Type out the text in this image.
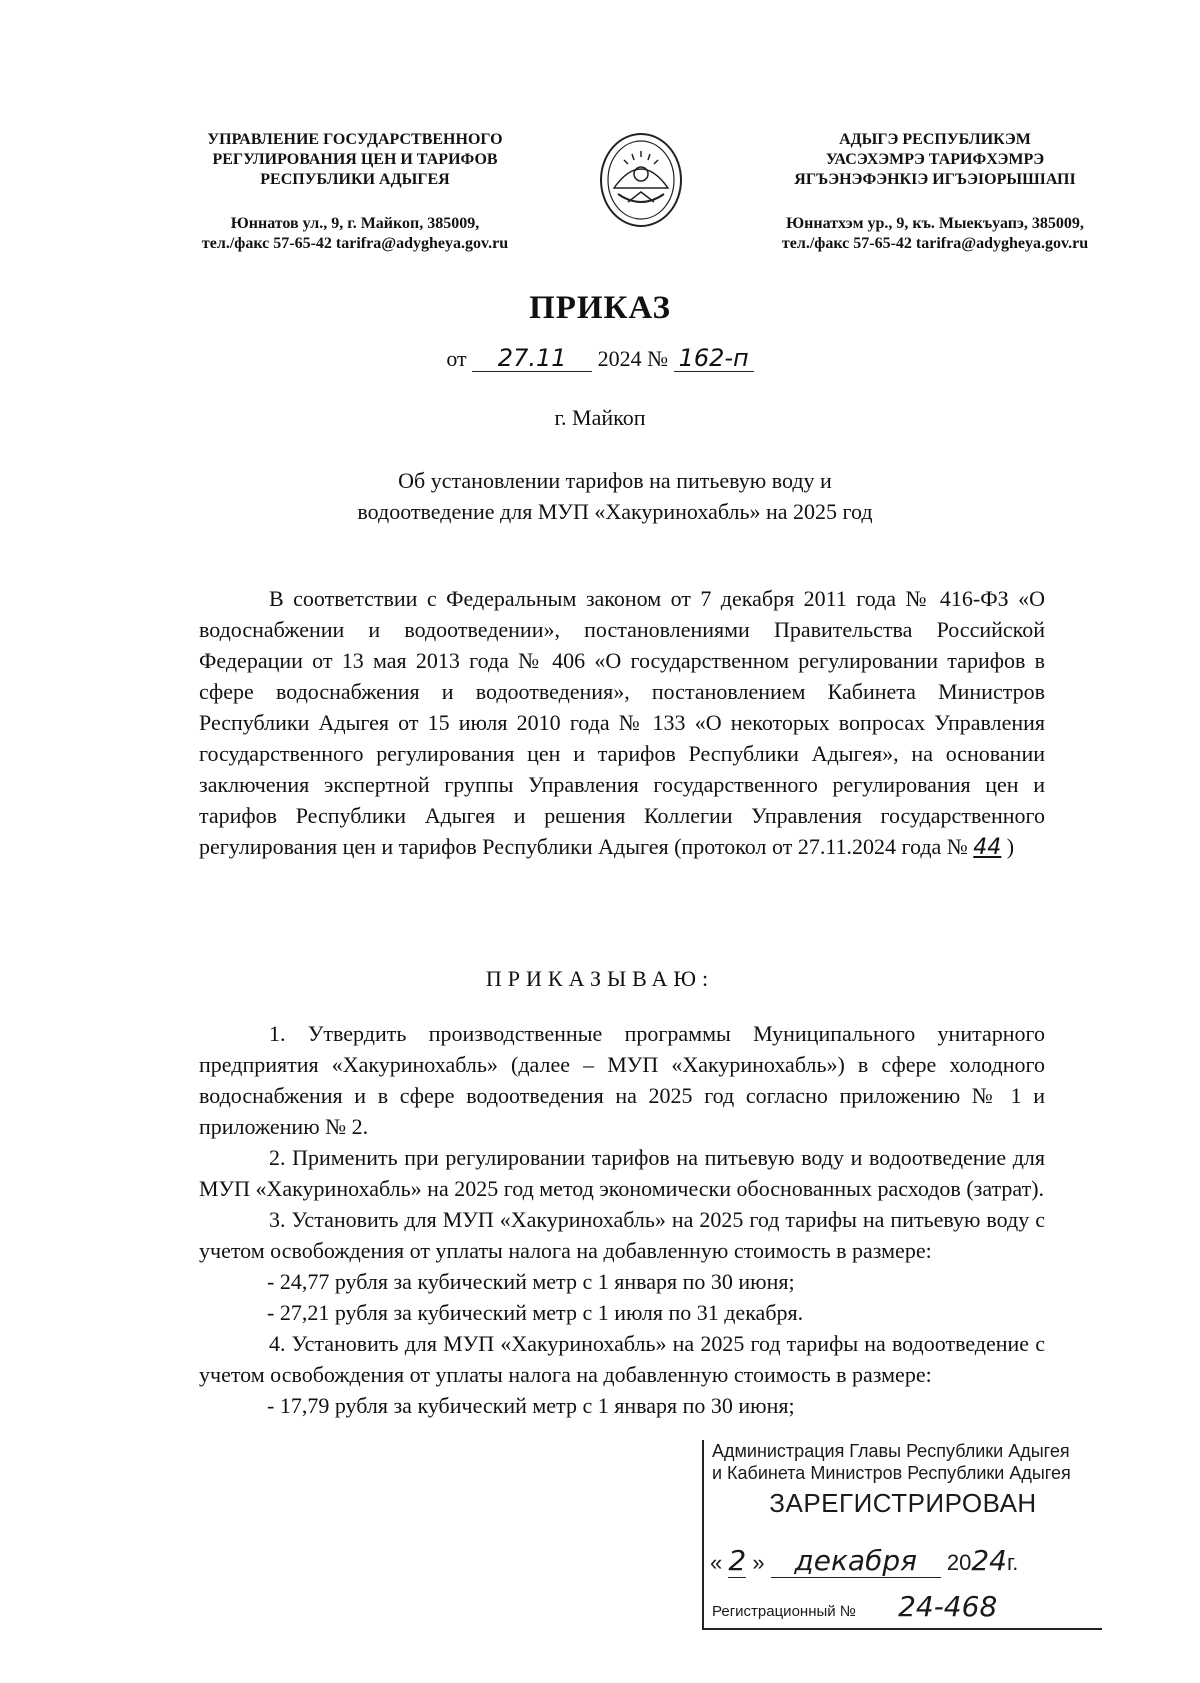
УПРАВЛЕНИЕ ГОСУДАРСТВЕННОГО
РЕГУЛИРОВАНИЯ ЦЕН И ТАРИФОВ
РЕСПУБЛИКИ АДЫГЕЯ
Юннатов ул., 9, г. Майкоп, 385009,
тел./факс 57-65-42 tarifra@adygheya.gov.ru
АДЫГЭ РЕСПУБЛИКЭМ
УАСЭХЭМРЭ ТАРИФХЭМРЭ
ЯГЪЭНЭФЭНКIЭ ИГЪЭIОРЫШIАПI
Юннатхэм ур., 9, къ. Мыекъуапэ, 385009,
тел./факс 57-65-42 tarifra@adygheya.gov.ru
ПРИКАЗ
от 27.11 2024 № 162-п
г. Майкоп
Об установлении тарифов на питьевую воду и
водоотведение для МУП «Хакуринохабль» на 2025 год
В соответствии с Федеральным законом от 7 декабря 2011 года № 416-ФЗ «О водоснабжении и водоотведении», постановлениями Правительства Российской Федерации от 13 мая 2013 года № 406 «О государственном регулировании тарифов в сфере водоснабжения и водоотведения», постановлением Кабинета Министров Республики Адыгея от 15 июля 2010 года № 133 «О некоторых вопросах Управления государственного регулирования цен и тарифов Республики Адыгея», на основании заключения экспертной группы Управления государственного регулирования цен и тарифов Республики Адыгея и решения Коллегии Управления государственного регулирования цен и тарифов Республики Адыгея (протокол от 27.11.2024 года № 44 )
ПРИКАЗЫВАЮ:

1. Утвердить производственные программы Муниципального унитарного предприятия «Хакуринохабль» (далее – МУП «Хакуринохабль») в сфере холодного водоснабжения и в сфере водоотведения на 2025 год согласно приложению № 1 и приложению № 2.

2. Применить при регулировании тарифов на питьевую воду и водоотведение для МУП «Хакуринохабль» на 2025 год метод экономически обоснованных расходов (затрат).

3. Установить для МУП «Хакуринохабль» на 2025 год тарифы на питьевую воду с учетом освобождения от уплаты налога на добавленную стоимость в размере:

- 24,77 рубля за кубический метр с 1 января по 30 июня;

- 27,21 рубля за кубический метр с 1 июля по 31 декабря.

4. Установить для МУП «Хакуринохабль» на 2025 год тарифы на водоотведение с учетом освобождения от уплаты налога на добавленную стоимость в размере:

- 17,79 рубля за кубический метр с 1 января по 30 июня;

Администрация Главы Республики Адыгея
и Кабинета Министров Республики Адыгея
ЗАРЕГИСТРИРОВАН
« 2 » декабря 2024г.
Регистрационный № 24-468
